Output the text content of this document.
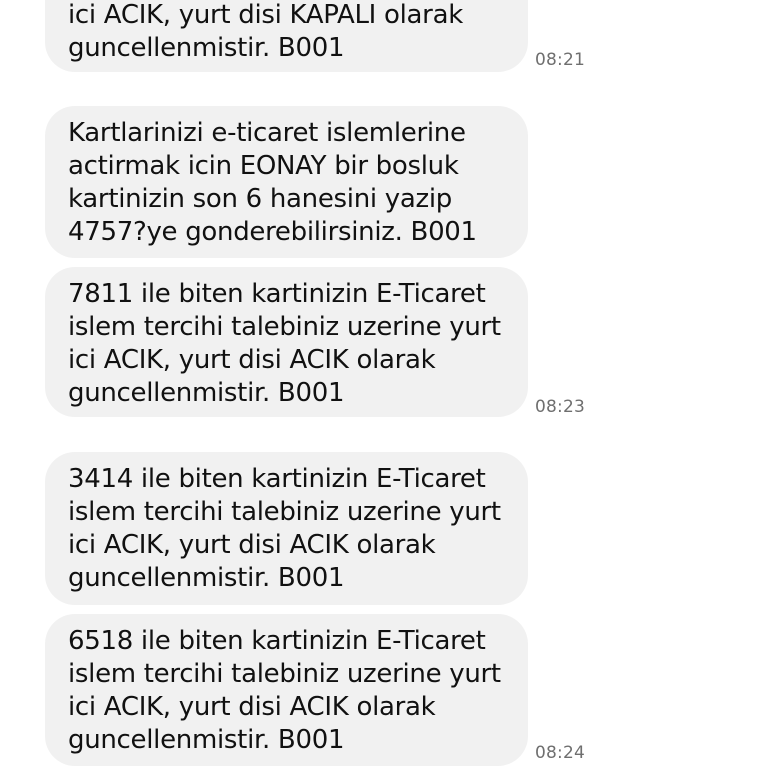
ici ACIK, yurt disi KAPALI olarak
guncellenmistir. B001	08:21
Kartlarinizi e-ticaret islemlerine
actirmak icin EONAY bir bosluk
kartinizin son 6 hanesini yazip
4757?ye gonderebilirsiniz. B001
7811 ile biten kartinizin E-Ticaret
islem tercihi talebiniz uzerine yurt
ici ACIK, yurt disi ACIK olarak
guncellenmistir. B001	08:23
3414 ile biten kartinizin E-Ticaret
islem tercihi talebiniz uzerine yurt
ici ACIK, yurt disi ACIK olarak
guncellenmistir. B001
6518 ile biten kartinizin E-Ticaret
islem tercihi talebiniz uzerine yurt
ici ACIK, yurt disi ACIK olarak
guncellenmistir. B001	08:24
